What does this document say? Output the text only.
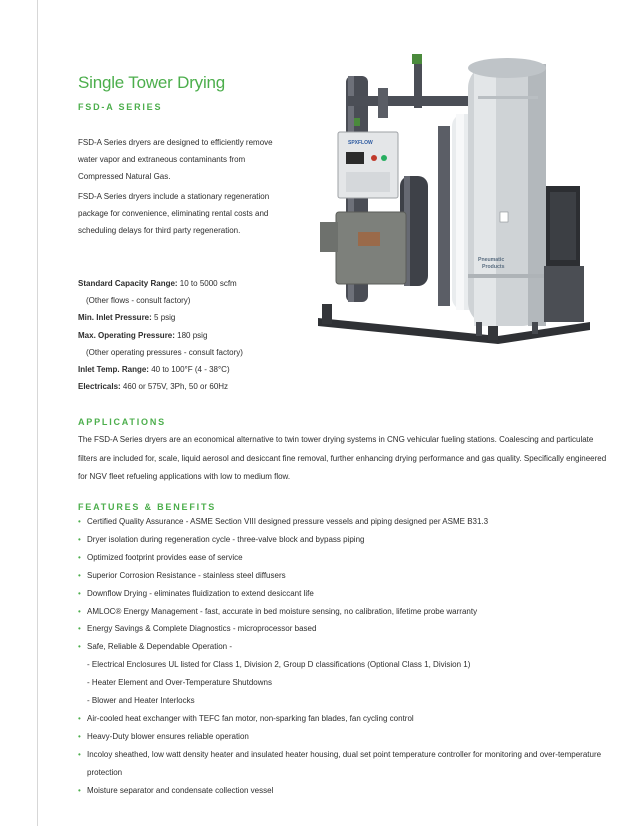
Single Tower Drying
FSD-A SERIES

FSD-A Series dryers are designed to efficiently remove water vapor and extraneous contaminants from Compressed Natural Gas.

FSD-A Series dryers include a stationary regeneration package for convenience, eliminating rental costs and scheduling delays for third party regeneration.

Standard Capacity Range: 10 to 5000 scfm
(Other flows - consult factory)
Min. Inlet Pressure: 5 psig
Max. Operating Pressure: 180 psig
(Other operating pressures - consult factory)
Inlet Temp. Range: 40 to 100°F (4 - 38°C)
Electricals: 460 or 575V, 3Ph, 50 or 60Hz
SPXFLOW
Pneumatic
Products
APPLICATIONS

The FSD-A Series dryers are an economical alternative to twin tower drying systems in CNG vehicular fueling stations. Coalescing and particulate filters are included for, scale, liquid aerosol and desiccant fine removal, further enhancing drying performance and gas quality. Specifically engineered for NGV fleet refueling applications with low to medium flow.

FEATURES & BENEFITS
• Certified Quality Assurance - ASME Section VIII designed pressure vessels and piping designed per ASME B31.3
• Dryer isolation during regeneration cycle - three-valve block and bypass piping
• Optimized footprint provides ease of service
• Superior Corrosion Resistance - stainless steel diffusers
• Downflow Drying - eliminates fluidization to extend desiccant life
• AMLOC® Energy Management - fast, accurate in bed moisture sensing, no calibration, lifetime probe warranty
• Energy Savings & Complete Diagnostics - microprocessor based
• Safe, Reliable & Dependable Operation -
- Electrical Enclosures UL listed for Class 1, Division 2, Group D classifications (Optional Class 1, Division 1)
- Heater Element and Over-Temperature Shutdowns
- Blower and Heater Interlocks
• Air-cooled heat exchanger with TEFC fan motor, non-sparking fan blades, fan cycling control
• Heavy-Duty blower ensures reliable operation
• Incoloy sheathed, low watt density heater and insulated heater housing, dual set point temperature controller for monitoring and over-temperature protection
• Moisture separator and condensate collection vessel
